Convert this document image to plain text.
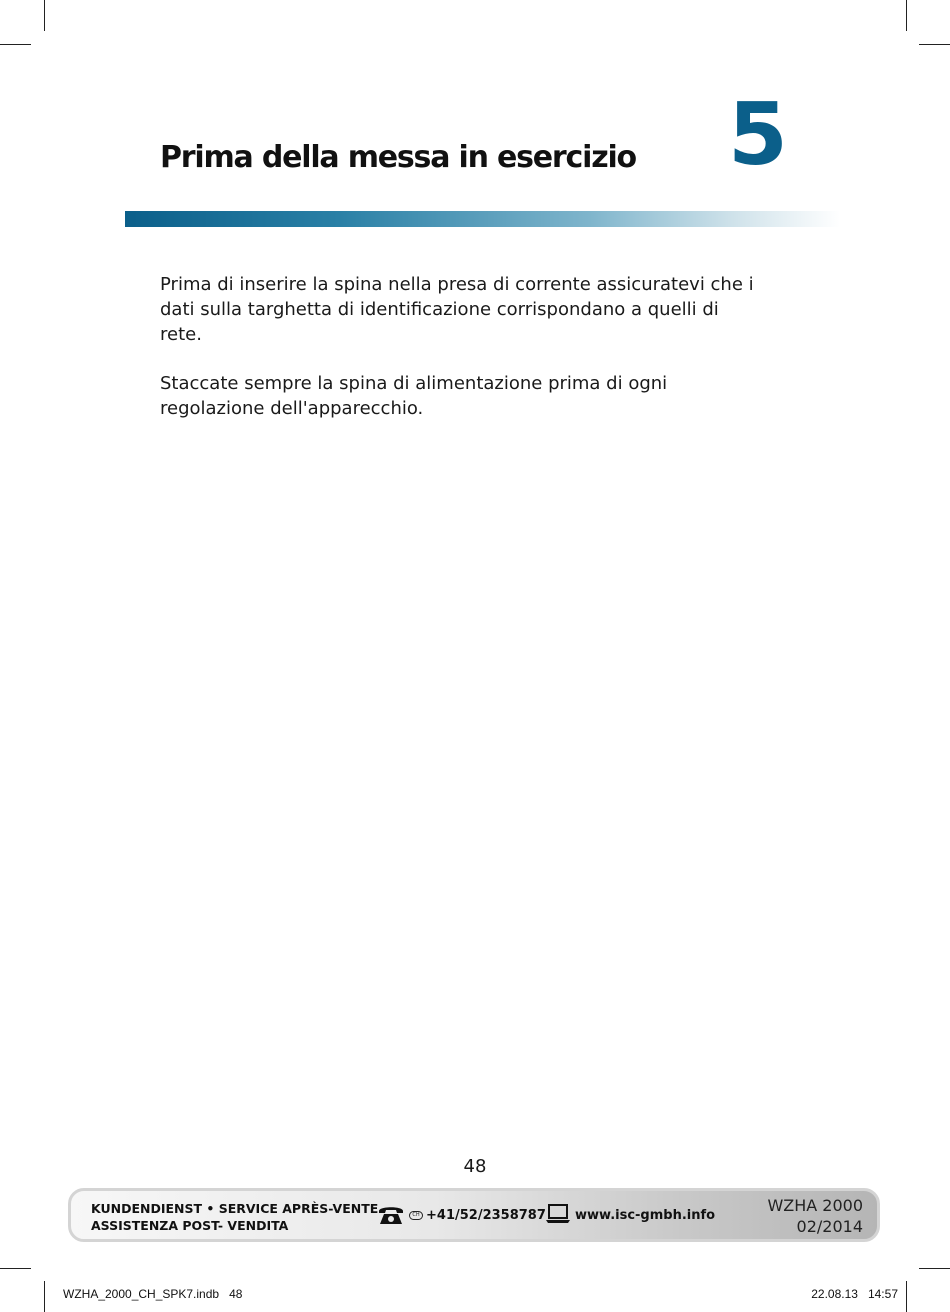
Prima della messa in esercizio 5

Prima di inserire la spina nella presa di corrente assicuratevi che i dati sulla targhetta di identificazione corrispondano a quelli di rete.

Staccate sempre la spina di alimentazione prima di ogni regolazione dell'apparecchio.

48
KUNDENDIENST • SERVICE APRÈS-VENTE
ASSISTENZA POST- VENDITA
CH +41/52/2358787 www.isc-gmbh.info
WZHA 2000
02/2014
WZHA_2000_CH_SPK7.indb   48	22.08.13   14:57
